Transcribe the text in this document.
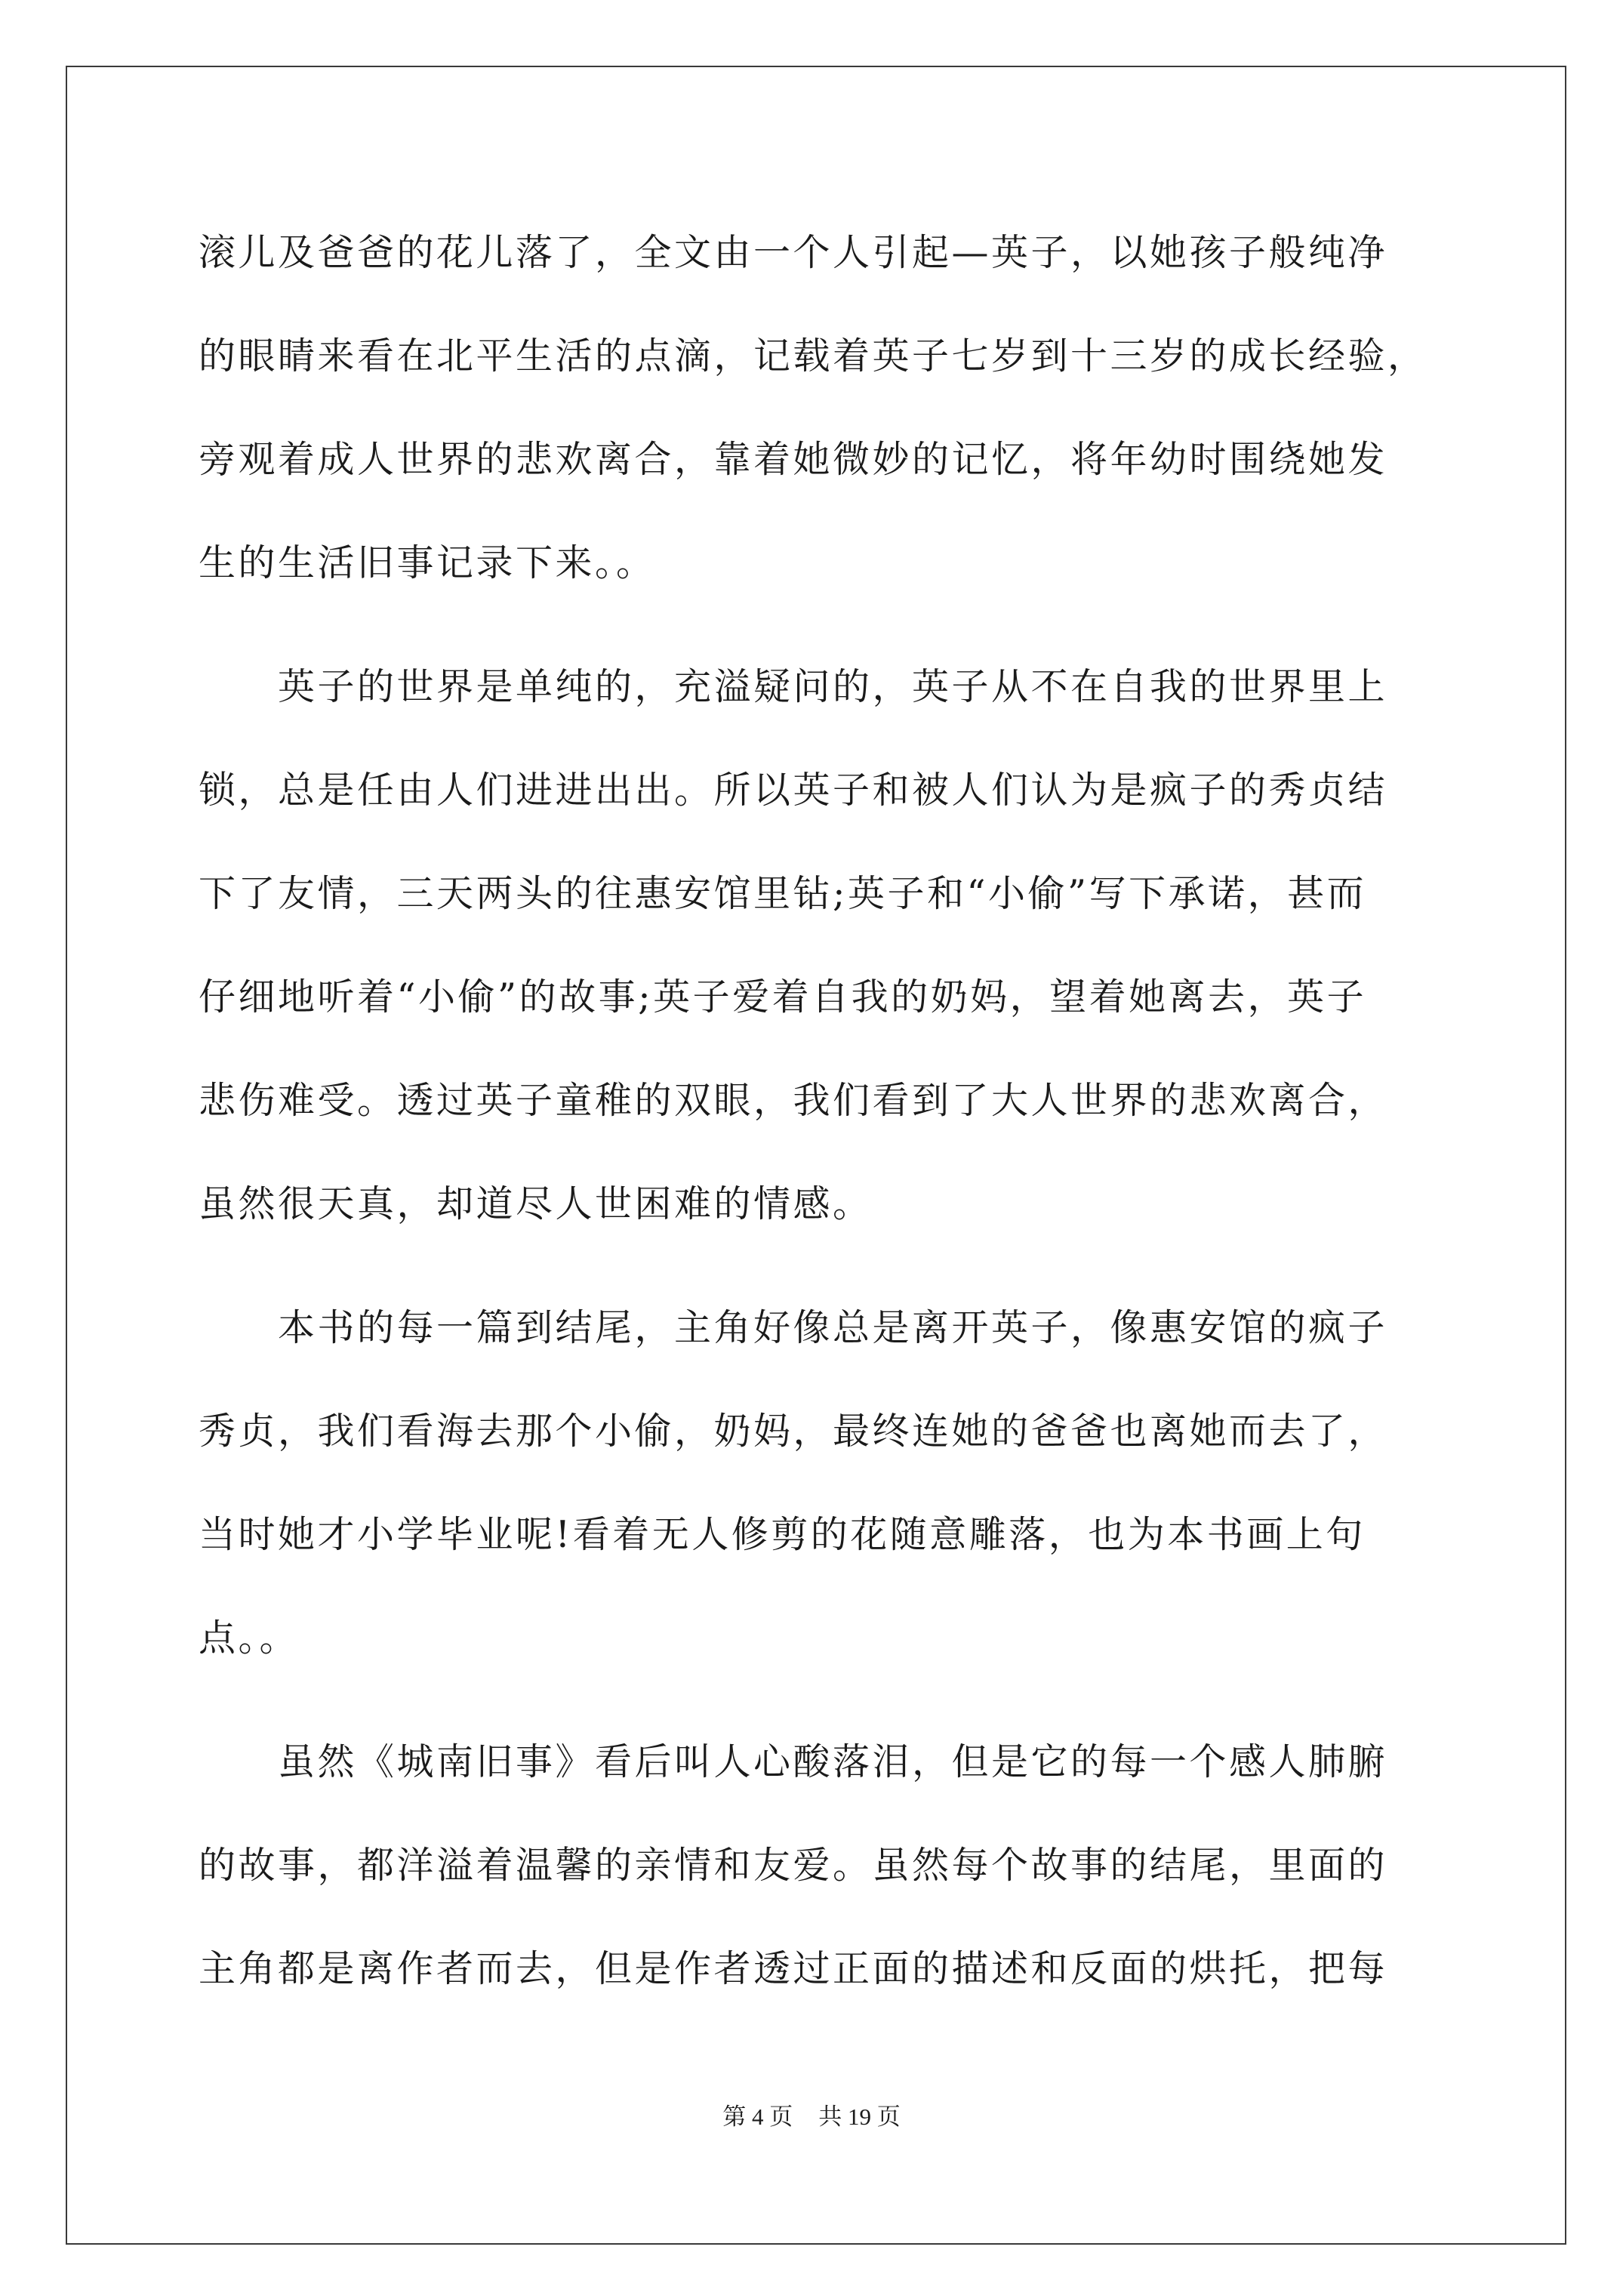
滚儿及爸爸的花儿落了，全文由一个人引起—英子，以她孩子般纯净
的眼睛来看在北平生活的点滴，记载着英子七岁到十三岁的成长经验，
旁观着成人世界的悲欢离合，靠着她微妙的记忆，将年幼时围绕她发
生的生活旧事记录下来。。
　　英子的世界是单纯的，充溢疑问的，英子从不在自我的世界里上
锁，总是任由人们进进出出。所以英子和被人们认为是疯子的秀贞结
下了友情，三天两头的往惠安馆里钻;英子和“小偷”写下承诺，甚而
仔细地听着“小偷”的故事;英子爱着自我的奶妈，望着她离去，英子
悲伤难受。透过英子童稚的双眼，我们看到了大人世界的悲欢离合，
虽然很天真，却道尽人世困难的情感。
　　本书的每一篇到结尾，主角好像总是离开英子，像惠安馆的疯子
秀贞，我们看海去那个小偷，奶妈，最终连她的爸爸也离她而去了，
当时她才小学毕业呢!看着无人修剪的花随意雕落，也为本书画上句
点。。
　　虽然《城南旧事》看后叫人心酸落泪，但是它的每一个感人肺腑
的故事，都洋溢着温馨的亲情和友爱。虽然每个故事的结尾，里面的
主角都是离作者而去，但是作者透过正面的描述和反面的烘托，把每
第 4 页 共 19 页
